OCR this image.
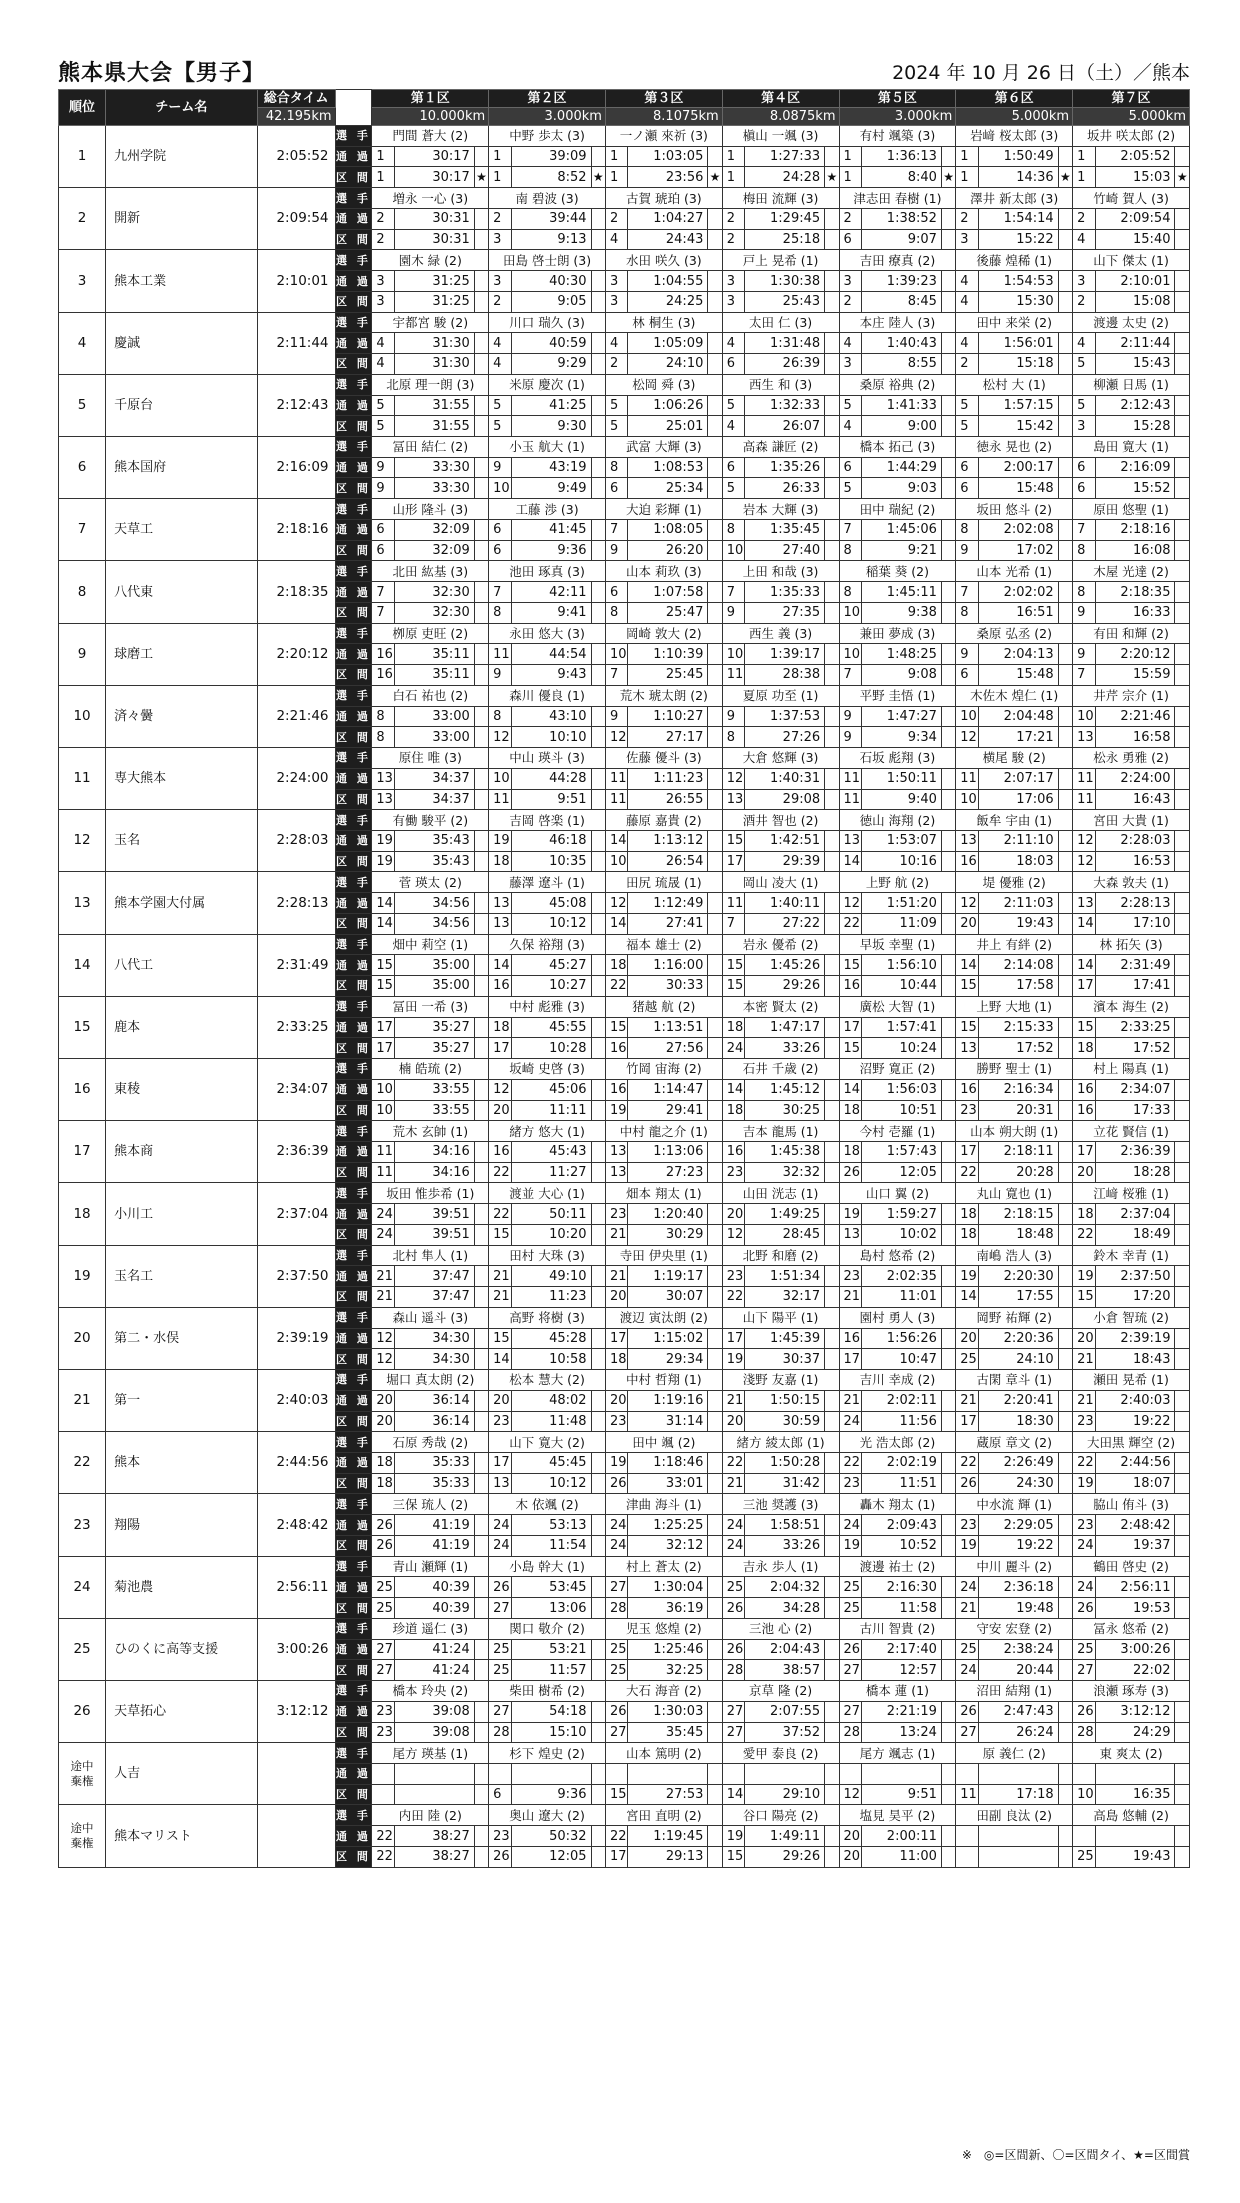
熊本県大会【男子】	2024 年 10 月 26 日（土）／熊本
順位	チーム名	総合タイム		第１区			第２区			第３区			第４区			第５区			第６区			第７区		
		42.195km		10.000km			3.000km			8.1075km			8.0875km			3.000km			5.000km			5.000km		
1	九州学院	2:05:52	選 手	門間 蒼大 (2)			中野 歩太 (3)			一ノ瀬 來祈 (3)			槇山 一颯 (3)			有村 颯築 (3)			岩﨑 桜太郎 (3)			坂井 咲太郎 (2)		
			通 過	1	30:17		1	39:09		1	1:03:05		1	1:27:33		1	1:36:13		1	1:50:49		1	2:05:52	
			区 間	1	30:17	★	1	8:52	★	1	23:56	★	1	24:28	★	1	8:40	★	1	14:36	★	1	15:03	★
2	開新	2:09:54	選 手	増永 一心 (3)			南 碧波 (3)			古賀 琥珀 (3)			梅田 流輝 (3)			津志田 春樹 (1)			澤井 新太郎 (3)			竹崎 賀人 (3)		
			通 過	2	30:31		2	39:44		2	1:04:27		2	1:29:45		2	1:38:52		2	1:54:14		2	2:09:54	
			区 間	2	30:31		3	9:13		4	24:43		2	25:18		6	9:07		3	15:22		4	15:40	
3	熊本工業	2:10:01	選 手	園木 緑 (2)			田島 啓士朗 (3)			水田 咲久 (3)			戸上 晃希 (1)			吉田 療真 (2)			後藤 煌稀 (1)			山下 傑太 (1)		
			通 過	3	31:25		3	40:30		3	1:04:55		3	1:30:38		3	1:39:23		4	1:54:53		3	2:10:01	
			区 間	3	31:25		2	9:05		3	24:25		3	25:43		2	8:45		4	15:30		2	15:08	
4	慶誠	2:11:44	選 手	宇都宮 駿 (2)			川口 瑞久 (3)			林 桐生 (3)			太田 仁 (3)			本庄 陸人 (3)			田中 来栄 (2)			渡邊 太史 (2)		
			通 過	4	31:30		4	40:59		4	1:05:09		4	1:31:48		4	1:40:43		4	1:56:01		4	2:11:44	
			区 間	4	31:30		4	9:29		2	24:10		6	26:39		3	8:55		2	15:18		5	15:43	
5	千原台	2:12:43	選 手	北原 理一朗 (3)			米原 慶次 (1)			松岡 舜 (3)			西生 和 (3)			桑原 裕典 (2)			松村 大 (1)			柳瀬 日馬 (1)		
			通 過	5	31:55		5	41:25		5	1:06:26		5	1:32:33		5	1:41:33		5	1:57:15		5	2:12:43	
			区 間	5	31:55		5	9:30		5	25:01		4	26:07		4	9:00		5	15:42		3	15:28	
6	熊本国府	2:16:09	選 手	冨田 結仁 (2)			小玉 航大 (1)			武富 大輝 (3)			高森 謙匠 (2)			橋本 拓己 (3)			徳永 晃也 (2)			島田 寛大 (1)		
			通 過	9	33:30		9	43:19		8	1:08:53		6	1:35:26		6	1:44:29		6	2:00:17		6	2:16:09	
			区 間	9	33:30		10	9:49		6	25:34		5	26:33		5	9:03		6	15:48		6	15:52	
7	天草工	2:18:16	選 手	山形 隆斗 (3)			工藤 渉 (3)			大迫 彩輝 (1)			岩本 大輝 (3)			田中 瑞紀 (2)			坂田 悠斗 (2)			原田 悠聖 (1)		
			通 過	6	32:09		6	41:45		7	1:08:05		8	1:35:45		7	1:45:06		8	2:02:08		7	2:18:16	
			区 間	6	32:09		6	9:36		9	26:20		10	27:40		8	9:21		9	17:02		8	16:08	
8	八代東	2:18:35	選 手	北田 紘基 (3)			池田 琢真 (3)			山本 莉玖 (3)			上田 和哉 (3)			稲葉 葵 (2)			山本 光希 (1)			木屋 光達 (2)		
			通 過	7	32:30		7	42:11		6	1:07:58		7	1:35:33		8	1:45:11		7	2:02:02		8	2:18:35	
			区 間	7	32:30		8	9:41		8	25:47		9	27:35		10	9:38		8	16:51		9	16:33	
9	球磨工	2:20:12	選 手	栁原 吏旺 (2)			永田 悠大 (3)			岡崎 敦大 (2)			西生 義 (3)			兼田 夢成 (3)			桑原 弘丞 (2)			有田 和輝 (2)		
			通 過	16	35:11		11	44:54		10	1:10:39		10	1:39:17		10	1:48:25		9	2:04:13		9	2:20:12	
			区 間	16	35:11		9	9:43		7	25:45		11	28:38		7	9:08		6	15:48		7	15:59	
10	済々黌	2:21:46	選 手	白石 祐也 (2)			森川 優良 (1)			荒木 琥太朗 (2)			夏原 功至 (1)			平野 圭悟 (1)			木佐木 煌仁 (1)			井芹 宗介 (1)		
			通 過	8	33:00		8	43:10		9	1:10:27		9	1:37:53		9	1:47:27		10	2:04:48		10	2:21:46	
			区 間	8	33:00		12	10:10		12	27:17		8	27:26		9	9:34		12	17:21		13	16:58	
11	専大熊本	2:24:00	選 手	原住 唯 (3)			中山 瑛斗 (3)			佐藤 優斗 (3)			大倉 悠輝 (3)			石坂 彪翔 (3)			横尾 駿 (2)			松永 勇雅 (2)		
			通 過	13	34:37		10	44:28		11	1:11:23		12	1:40:31		11	1:50:11		11	2:07:17		11	2:24:00	
			区 間	13	34:37		11	9:51		11	26:55		13	29:08		11	9:40		10	17:06		11	16:43	
12	玉名	2:28:03	選 手	有働 駿平 (2)			吉岡 啓楽 (1)			藤原 嘉貴 (2)			酒井 智也 (2)			徳山 海翔 (2)			飯牟 宇由 (1)			宮田 大貴 (1)		
			通 過	19	35:43		19	46:18		14	1:13:12		15	1:42:51		13	1:53:07		13	2:11:10		12	2:28:03	
			区 間	19	35:43		18	10:35		10	26:54		17	29:39		14	10:16		16	18:03		12	16:53	
13	熊本学園大付属	2:28:13	選 手	菅 瑛太 (2)			藤澤 遼斗 (1)			田尻 琉晟 (1)			岡山 凌大 (1)			上野 航 (2)			堤 優雅 (2)			大森 敦夫 (1)		
			通 過	14	34:56		13	45:08		12	1:12:49		11	1:40:11		12	1:51:20		12	2:11:03		13	2:28:13	
			区 間	14	34:56		13	10:12		14	27:41		7	27:22		22	11:09		20	19:43		14	17:10	
14	八代工	2:31:49	選 手	畑中 莉空 (1)			久保 裕翔 (3)			福本 雄士 (2)			岩永 優希 (2)			早坂 幸聖 (1)			井上 有絆 (2)			林 拓矢 (3)		
			通 過	15	35:00		14	45:27		18	1:16:00		15	1:45:26		15	1:56:10		14	2:14:08		14	2:31:49	
			区 間	15	35:00		16	10:27		22	30:33		15	29:26		16	10:44		15	17:58		17	17:41	
15	鹿本	2:33:25	選 手	冨田 一希 (3)			中村 彪雅 (3)			猪越 航 (2)			本密 賢太 (2)			廣松 大智 (1)			上野 大地 (1)			濱本 海生 (2)		
			通 過	17	35:27		18	45:55		15	1:13:51		18	1:47:17		17	1:57:41		15	2:15:33		15	2:33:25	
			区 間	17	35:27		17	10:28		16	27:56		24	33:26		15	10:24		13	17:52		18	17:52	
16	東稜	2:34:07	選 手	楠 皓琉 (2)			坂崎 史啓 (3)			竹岡 宙海 (2)			石井 千歳 (2)			沼野 寛正 (2)			勝野 聖士 (1)			村上 陽真 (1)		
			通 過	10	33:55		12	45:06		16	1:14:47		14	1:45:12		14	1:56:03		16	2:16:34		16	2:34:07	
			区 間	10	33:55		20	11:11		19	29:41		18	30:25		18	10:51		23	20:31		16	17:33	
17	熊本商	2:36:39	選 手	荒木 玄帥 (1)			緒方 悠大 (1)			中村 龍之介 (1)			吉本 龍馬 (1)			今村 壱羅 (1)			山本 朔大朗 (1)			立花 賢信 (1)		
			通 過	11	34:16		16	45:43		13	1:13:06		16	1:45:38		18	1:57:43		17	2:18:11		17	2:36:39	
			区 間	11	34:16		22	11:27		13	27:23		23	32:32		26	12:05		22	20:28		20	18:28	
18	小川工	2:37:04	選 手	坂田 惟歩希 (1)			渡並 大心 (1)			畑本 翔太 (1)			山田 洸志 (1)			山口 翼 (2)			丸山 寛也 (1)			江﨑 桜雅 (1)		
			通 過	24	39:51		22	50:11		23	1:20:40		20	1:49:25		19	1:59:27		18	2:18:15		18	2:37:04	
			区 間	24	39:51		15	10:20		21	30:29		12	28:45		13	10:02		18	18:48		22	18:49	
19	玉名工	2:37:50	選 手	北村 隼人 (1)			田村 大珠 (3)			寺田 伊央里 (1)			北野 和磨 (2)			島村 悠希 (2)			南嶋 浩人 (3)			鈴木 幸青 (1)		
			通 過	21	37:47		21	49:10		21	1:19:17		23	1:51:34		23	2:02:35		19	2:20:30		19	2:37:50	
			区 間	21	37:47		21	11:23		20	30:07		22	32:17		21	11:01		14	17:55		15	17:20	
20	第二・水俣	2:39:19	選 手	森山 遥斗 (3)			高野 将樹 (3)			渡辺 寅汰朗 (2)			山下 陽平 (1)			園村 勇人 (3)			岡野 祐輝 (2)			小倉 智琉 (2)		
			通 過	12	34:30		15	45:28		17	1:15:02		17	1:45:39		16	1:56:26		20	2:20:36		20	2:39:19	
			区 間	12	34:30		14	10:58		18	29:34		19	30:37		17	10:47		25	24:10		21	18:43	
21	第一	2:40:03	選 手	堀口 真太朗 (2)			松本 慧大 (2)			中村 哲翔 (1)			淺野 友嘉 (1)			吉川 幸成 (2)			古閑 章斗 (1)			瀬田 晃希 (1)		
			通 過	20	36:14		20	48:02		20	1:19:16		21	1:50:15		21	2:02:11		21	2:20:41		21	2:40:03	
			区 間	20	36:14		23	11:48		23	31:14		20	30:59		24	11:56		17	18:30		23	19:22	
22	熊本	2:44:56	選 手	石原 秀哉 (2)			山下 寛大 (2)			田中 颯 (2)			緒方 綾太郎 (1)			光 浩太郎 (2)			蔵原 章文 (2)			大田黒 輝空 (2)		
			通 過	18	35:33		17	45:45		19	1:18:46		22	1:50:28		22	2:02:19		22	2:26:49		22	2:44:56	
			区 間	18	35:33		13	10:12		26	33:01		21	31:42		23	11:51		26	24:30		19	18:07	
23	翔陽	2:48:42	選 手	三保 琉人 (2)			木 依颯 (2)			津曲 海斗 (1)			三池 奨護 (3)			轟木 翔太 (1)			中水流 輝 (1)			脇山 侑斗 (3)		
			通 過	26	41:19		24	53:13		24	1:25:25		24	1:58:51		24	2:09:43		23	2:29:05		23	2:48:42	
			区 間	26	41:19		24	11:54		24	32:12		24	33:26		19	10:52		19	19:22		24	19:37	
24	菊池農	2:56:11	選 手	青山 瀬輝 (1)			小島 幹大 (1)			村上 蒼太 (2)			吉永 歩人 (1)			渡邊 祐士 (2)			中川 麗斗 (2)			鶴田 啓史 (2)		
			通 過	25	40:39		26	53:45		27	1:30:04		25	2:04:32		25	2:16:30		24	2:36:18		24	2:56:11	
			区 間	25	40:39		27	13:06		28	36:19		26	34:28		25	11:58		21	19:48		26	19:53	
25	ひのくに高等支援	3:00:26	選 手	珍道 遥仁 (3)			関口 敬介 (2)			児玉 悠煌 (2)			三池 心 (2)			古川 智貴 (2)			守安 宏登 (2)			冨永 悠希 (2)		
			通 過	27	41:24		25	53:21		25	1:25:46		26	2:04:43		26	2:17:40		25	2:38:24		25	3:00:26	
			区 間	27	41:24		25	11:57		25	32:25		28	38:57		27	12:57		24	20:44		27	22:02	
26	天草拓心	3:12:12	選 手	橋本 玲央 (2)			柴田 樹希 (2)			大石 海音 (2)			京草 隆 (2)			橋本 蓮 (1)			沼田 結翔 (1)			浪瀬 琢寿 (3)		
			通 過	23	39:08		27	54:18		26	1:30:03		27	2:07:55		27	2:21:19		26	2:47:43		26	3:12:12	
			区 間	23	39:08		28	15:10		27	35:45		27	37:52		28	13:24		27	26:24		28	24:29	
途中
棄権	人吉		選 手	尾方 瑛基 (1)			杉下 煌史 (2)			山本 篤明 (2)			愛甲 泰良 (2)			尾方 颯志 (1)			原 義仁 (2)			東 爽太 (2)		
			通 過																					
			区 間				6	9:36		15	27:53		14	29:10		12	9:51		11	17:18		10	16:35	
途中
棄権	熊本マリスト		選 手	内田 陸 (2)			奥山 遼大 (2)			宮田 直明 (2)			谷口 陽亮 (2)			塩見 昊平 (2)			田副 良汰 (2)			高島 悠輔 (2)		
			通 過	22	38:27		23	50:32		22	1:19:45		19	1:49:11		20	2:00:11							
			区 間	22	38:27		26	12:05		17	29:13		15	29:26		20	11:00					25	19:43	
※　◎=区間新、〇=区間タイ、★=区間賞
